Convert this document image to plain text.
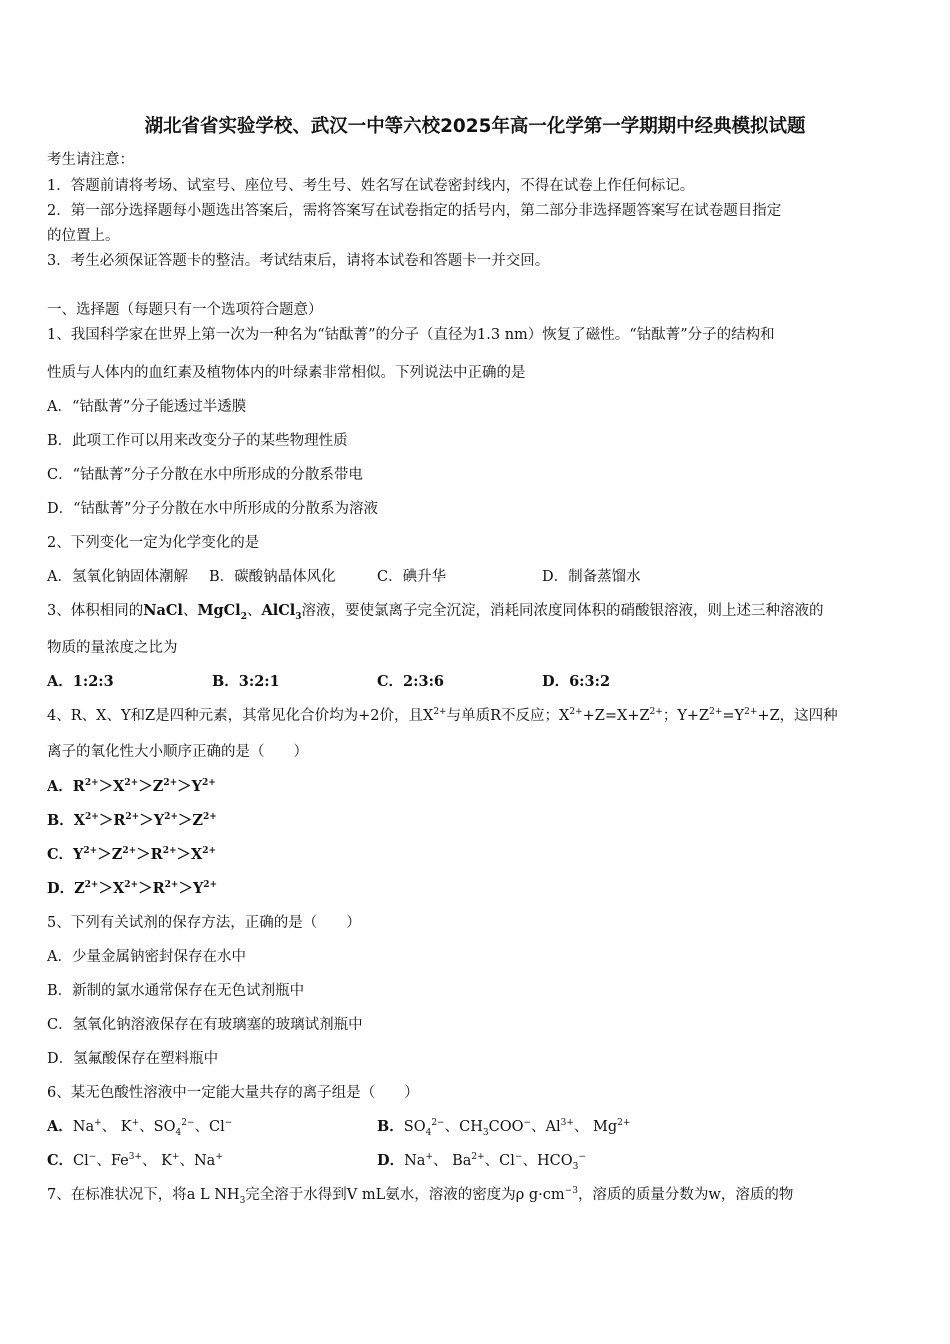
湖北省省实验学校、武汉一中等六校2025年高一化学第一学期期中经典模拟试题
考生请注意：
1．答题前请将考场、试室号、座位号、考生号、姓名写在试卷密封线内，不得在试卷上作任何标记。
2．第一部分选择题每小题选出答案后，需将答案写在试卷指定的括号内，第二部分非选择题答案写在试卷题目指定
的位置上。
3．考生必须保证答题卡的整洁。考试结束后，请将本试卷和答题卡一并交回。
一、选择题（每题只有一个选项符合题意）
1、我国科学家在世界上第一次为一种名为“钴酞菁”的分子（直径为1.3 nm）恢复了磁性。“钴酞菁”分子的结构和
性质与人体内的血红素及植物体内的叶绿素非常相似。下列说法中正确的是
A．“钴酞菁”分子能透过半透膜
B．此项工作可以用来改变分子的某些物理性质
C．“钴酞菁”分子分散在水中所形成的分散系带电
D．“钴酞菁”分子分散在水中所形成的分散系为溶液
2、下列变化一定为化学变化的是
A．氢氧化钠固体潮解 B．碳酸钠晶体风化	C．碘升华	D．制备蒸馏水
3、体积相同的NaCl、MgCl$_2$、AlCl$_3$溶液，要使氯离子完全沉淀，消耗同浓度同体积的硝酸银溶液，则上述三种溶液的
物质的量浓度之比为
A．1:2:3	B．3:2:1	C．2:3:6	D．6:3:2
4、R、X、Y和Z是四种元素，其常见化合价均为+2价，且$X^{2+}$与单质R不反应；$X^{2+}+Z=X+Z^{2+}$；$Y+Z^{2+}=Y^{2+}+Z$，这四种
离子的氧化性大小顺序正确的是（　　）
A．$R^{2+}>X^{2+}>Z^{2+}>Y^{2+}$
B．$X^{2+}>R^{2+}>Y^{2+}>Z^{2+}$
C．$Y^{2+}>Z^{2+}>R^{2+}>X^{2+}$
D．$Z^{2+}>X^{2+}>R^{2+}>Y^{2+}$
5、下列有关试剂的保存方法，正确的是（　　）
A．少量金属钠密封保存在水中
B．新制的氯水通常保存在无色试剂瓶中
C．氢氧化钠溶液保存在有玻璃塞的玻璃试剂瓶中
D．氢氟酸保存在塑料瓶中
6、某无色酸性溶液中一定能大量共存的离子组是（　　）
A．Na+、 K+、$SO_4^{2-}$、Cl−	B．$SO_4^{2-}$、$CH_3COO^-$、$Al^{3+}$、 $Mg^{2+}$
C．Cl−、$Fe^{3+}$、 K+、Na+	D．Na+、 $Ba^{2+}$、Cl−、$HCO_3^-$
7、在标准状况下，将a L $NH_3$完全溶于水得到V mL氨水，溶液的密度为ρ $g\cdot cm^{-3}$，溶质的质量分数为w，溶质的物
